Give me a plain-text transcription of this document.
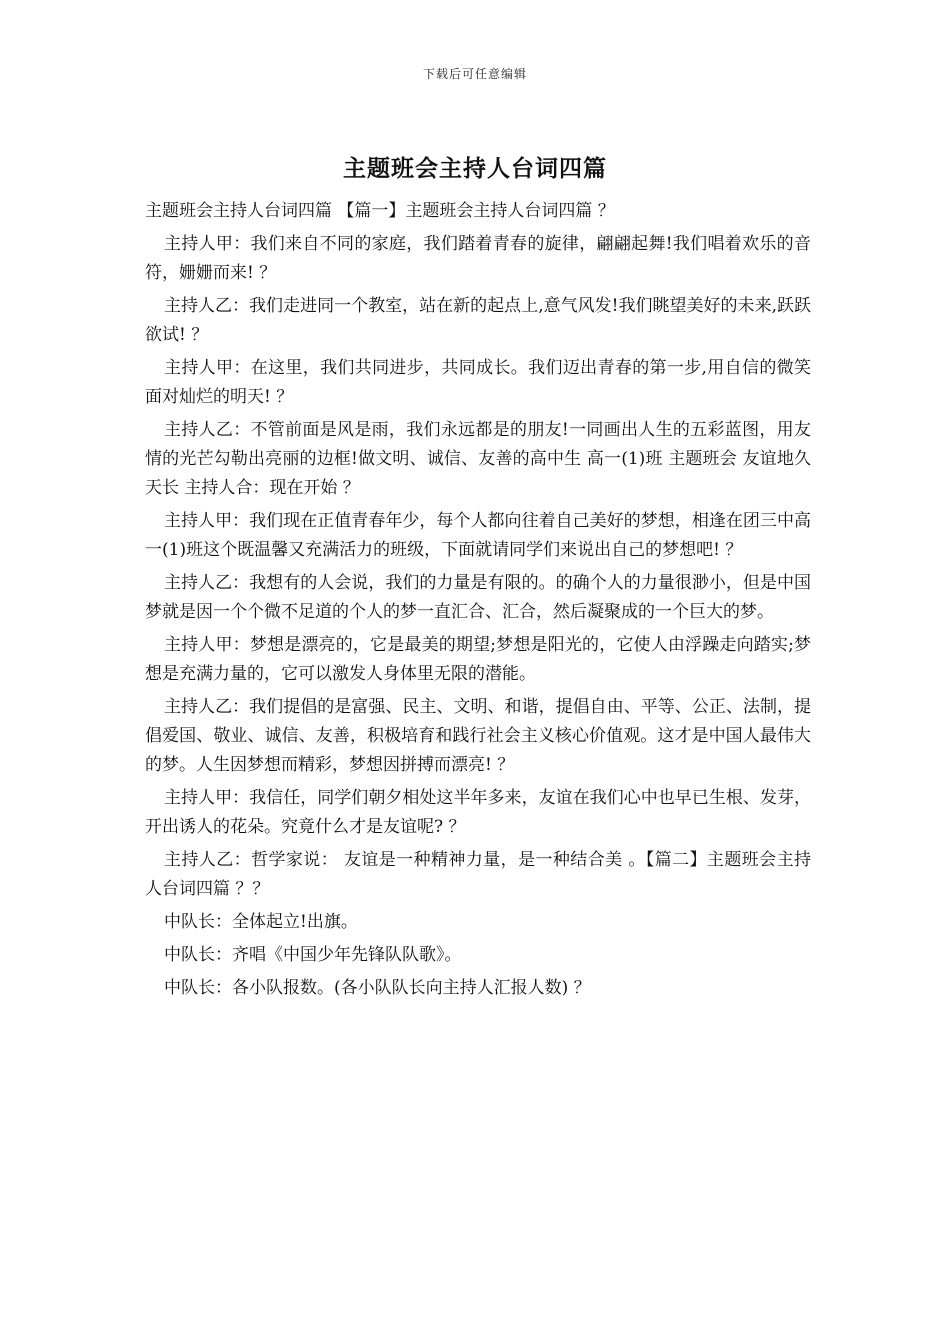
下载后可任意编辑
主题班会主持人台词四篇

主题班会主持人台词四篇 【篇一】主题班会主持人台词四篇 ？

主持人甲：我们来自不同的家庭，我们踏着青春的旋律，翩翩起舞!我们唱着欢乐的音符，姗姗而来! ？

主持人乙：我们走进同一个教室，站在新的起点上,意气风发!我们眺望美好的未来,跃跃欲试! ？

主持人甲：在这里，我们共同进步，共同成长。我们迈出青春的第一步,用自信的微笑面对灿烂的明天! ？

主持人乙：不管前面是风是雨，我们永远都是的朋友!一同画出人生的五彩蓝图，用友情的光芒勾勒出亮丽的边框!做文明、诚信、友善的高中生 高一(1)班 主题班会 友谊地久天长 主持人合：现在开始 ？

主持人甲：我们现在正值青春年少，每个人都向往着自己美好的梦想，相逢在团三中高一(1)班这个既温馨又充满活力的班级，下面就请同学们来说出自己的梦想吧! ？

主持人乙：我想有的人会说，我们的力量是有限的。的确个人的力量很渺小，但是中国梦就是因一个个微不足道的个人的梦一直汇合、汇合，然后凝聚成的一个巨大的梦。

主持人甲：梦想是漂亮的，它是最美的期望;梦想是阳光的，它使人由浮躁走向踏实;梦想是充满力量的，它可以激发人身体里无限的潜能。

主持人乙：我们提倡的是富强、民主、文明、和谐，提倡自由、平等、公正、法制，提倡爱国、敬业、诚信、友善，积极培育和践行社会主义核心价值观。这才是中国人最伟大的梦。人生因梦想而精彩，梦想因拼搏而漂亮! ？

主持人甲：我信任，同学们朝夕相处这半年多来，友谊在我们心中也早已生根、发芽，开出诱人的花朵。究竟什么才是友谊呢? ？

主持人乙：哲学家说： 友谊是一种精神力量，是一种结合美 。【篇二】主题班会主持人台词四篇 ？？

中队长：全体起立!出旗。

中队长：齐唱《中国少年先锋队队歌》。

中队长：各小队报数。(各小队队长向主持人汇报人数) ？
